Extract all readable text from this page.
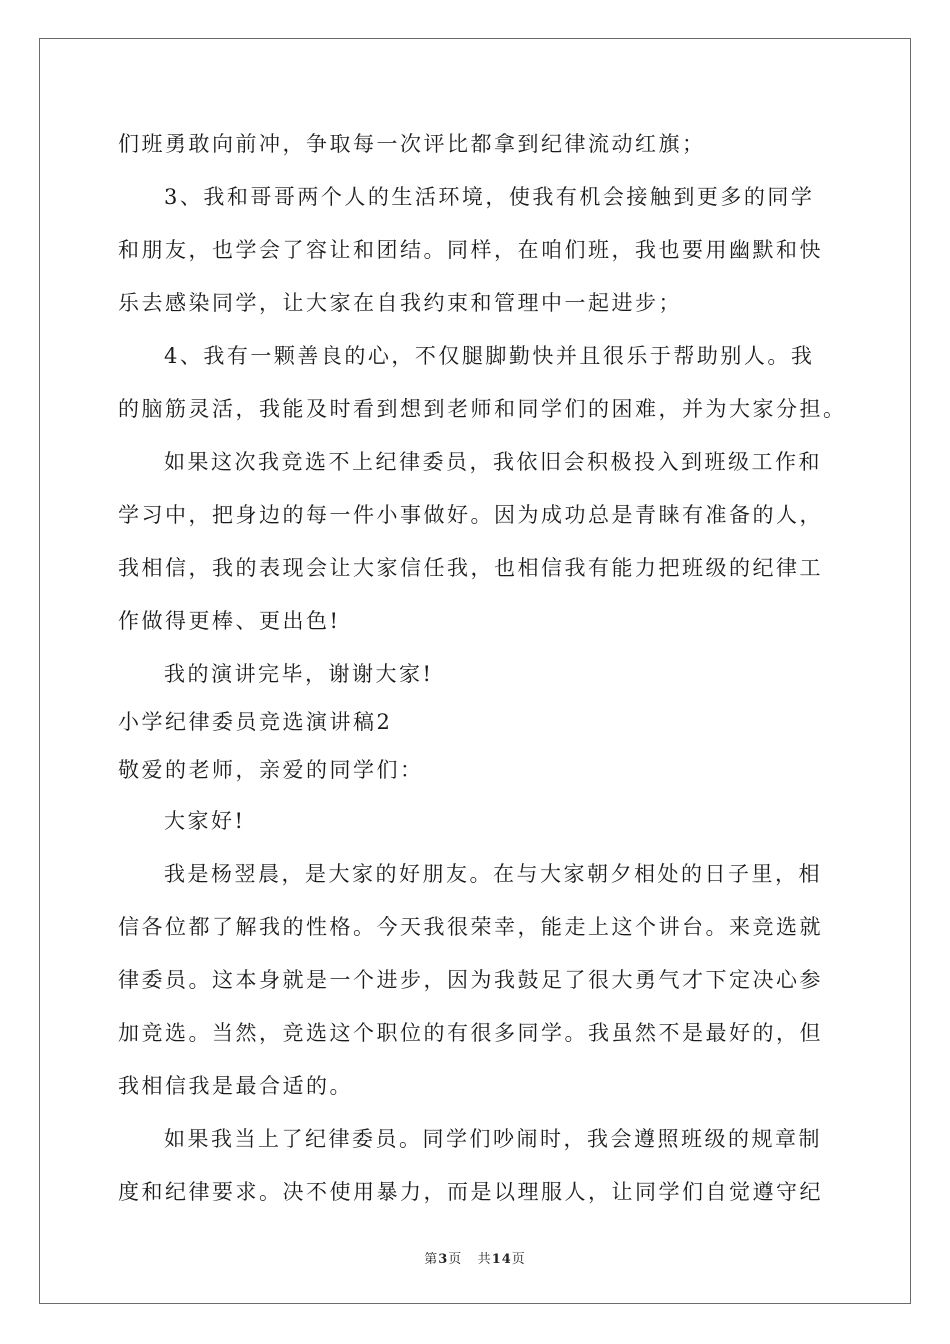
们班勇敢向前冲，争取每一次评比都拿到纪律流动红旗；
3、我和哥哥两个人的生活环境，使我有机会接触到更多的同学
和朋友，也学会了容让和团结。同样，在咱们班，我也要用幽默和快
乐去感染同学，让大家在自我约束和管理中一起进步；
4、我有一颗善良的心，不仅腿脚勤快并且很乐于帮助别人。我
的脑筋灵活，我能及时看到想到老师和同学们的困难，并为大家分担。
如果这次我竞选不上纪律委员，我依旧会积极投入到班级工作和
学习中，把身边的每一件小事做好。因为成功总是青睐有准备的人，
我相信，我的表现会让大家信任我，也相信我有能力把班级的纪律工
作做得更棒、更出色!
我的演讲完毕，谢谢大家!
小学纪律委员竞选演讲稿2
敬爱的老师，亲爱的同学们：
大家好!
我是杨翌晨，是大家的好朋友。在与大家朝夕相处的日子里，相
信各位都了解我的性格。今天我很荣幸，能走上这个讲台。来竞选就
律委员。这本身就是一个进步，因为我鼓足了很大勇气才下定决心参
加竞选。当然，竞选这个职位的有很多同学。我虽然不是最好的，但
我相信我是最合适的。
如果我当上了纪律委员。同学们吵闹时，我会遵照班级的规章制
度和纪律要求。决不使用暴力，而是以理服人，让同学们自觉遵守纪
第3页 共14页
